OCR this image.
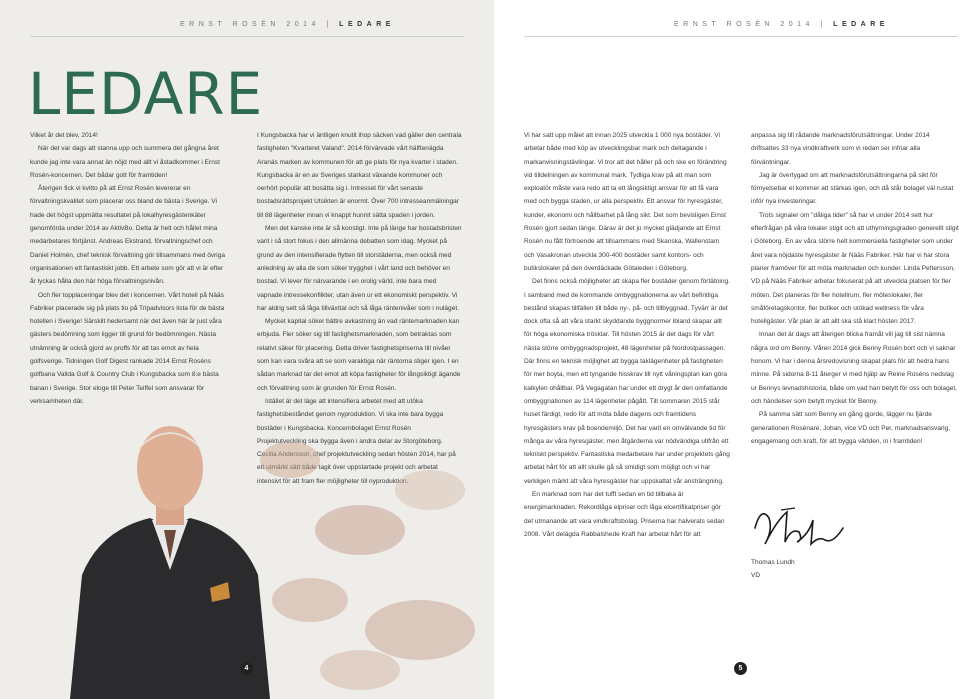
ERNST ROSÉN 2014 | LEDARE
LEDARE

Vilket år det blev, 2014!

När det var dags att stanna upp och summera det gångna året kunde jag inte vara annat än nöjd med allt vi åstadkommer i Ernst Rosén-koncernen. Det bådar gott för framtiden!

Återigen fick vi kvitto på att Ernst Rosén levererar en förvaltningskvalitet som placerar oss bland de bästa i Sverige. Vi hade det högst uppmätta resultatet på lokalhyresgästenkäter genomförda under 2014 av AktivBo. Detta är helt och hållet mina medarbetares förtjänst. Andreas Ekstrand, förvaltningschef och Daniel Holmén, chef teknisk förvaltning gör tillsammans med övriga organisationen ett fantastiskt jobb. Ett arbete som gör att vi är efter år lyckas hålla den här höga förvaltningsnivån.

Och fler topplaceringar blev det i koncernen. Vårt hotell på Nääs Fabriker placerade sig på plats tio på Tripadvisors lista för de bästa hotellen i Sverige! Särskilt hedersamt när det även här är just våra gästers bedömning som ligger till grund för bedömningen. Nästa utnämning är också gjord av proffs för att tas emot av hela golfsverige. Tidningen Golf Digest rankade 2014 Ernst Roséns golfbana Vallda Golf & Country Club i Kungsbacka som 8:e bästa banan i Sverige. Stor eloge till Peter Teiffel som ansvarar för verksamheten där.

I Kungsbacka har vi äntligen knutit ihop säcken vad gäller den centrala fastigheten "Kvarteret Valand". 2014 förvärvade vårt hälftenägda Aranäs marken av kommunen för att ge plats för nya kvarter i staden. Kungsbacka är en av Sveriges starkast växande kommuner och oerhört populär att bosätta sig i. Intresset för vårt senaste bostadsrättsprojekt Utsikten är enormt. Över 700 intresseanmälningar till 88 lägenheter innan vi knappt hunnit sätta spaden i jorden.

Men det kanske inte är så konstigt. Inte på länge har bostadsbristen varit i så stort fokus i den allmänna debatten som idag. Mycket på grund av den intensifierade flytten till storstäderna, men också med anledning av alla de som söker trygghet i vårt land och behöver en bostad. Vi lever för närvarande i en orolig värld, inte bara med vapnade intressekonflikter, utan även ur ett ekonomiskt perspektiv. Vi har aldrig sett så låga tillväxttal och så låga räntenivåer som i nuläget.

Mycket kapital söker bättre avkastning än vad räntemarknaden kan erbjuda. Fler söker sig till fastighetsmarknaden, som betraktas som relativt säker för placering. Detta driver fastighetspriserna till nivåer som kan vara svåra att se som varaktiga när räntorna stiger igen. I en sådan marknad tar det emot att köpa fastigheter för långsiktigt ägande och förvaltning som är grunden för Ernst Rosén.

Istället är det läge att intensifiera arbetet med att utöka fastighetsbeståndet genom nyproduktion. Vi ska inte bara bygga bostäder i Kungsbacka. Koncernbolaget Ernst Rosén Projektutveckling ska bygga även i andra delar av Storgöteborg. Cecilia Andersson, chef projektutveckling sedan hösten 2014, har på ett utmärkt sätt både tagit över uppstartade projekt och arbetat intensivt för att fram fler möjligheter till nyproduktion.

4
ERNST ROSÉN 2014 | LEDARE

Vi har satt upp målet att innan 2025 utveckla 1 000 nya bostäder. Vi arbetar både med köp av utvecklingsbar mark och deltagande i markanvisningstävlingar. Vi tror att det håller på och ske en förändring vid tilldelningen av kommunal mark. Tydliga krav på att man som exploatör måste vara redo att ta ett långsiktigt ansvar för att få vara med och bygga staden, ur alla perspektiv. Ett ansvar för hyresgäster, kunder, ekonomi och hållbarhet på lång sikt. Det som bevisligen Ernst Rosén gjort sedan länge. Därav är det ju mycket glädjande att Ernst Rosén nu fått förtroende att tillsammans med Skanska, Wallenstam och Vasakronan utveckla 300-400 bostäder samt kontors- och butikslokaler på den överdäckade Götaleden i Göteborg.

Det finns också möjligheter att skapa fler bostäder genom förtätning. I samband med de kommande ombyggnationerna av vårt befintliga bestånd skapas tillfällen till både ny-, på- och tillbyggnad. Tyvärr är det dock ofta så att våra starkt skyddande byggnormer ibland skapar allt för höga ekonomiska trösklar. Till hösten 2015 är det dags för vårt nästa större ombyggnadsprojekt, 48 lägenheter på Nordostpassagen. Där finns en teknisk möjlighet att bygga taklägenheter på fastigheten för mer boyta, men ett tyngande hisskrav till nytt våningsplan kan göra kalkylen ohållbar. På Vegagatan har under ett drygt år den omfattande ombyggnationen av 114 lägenheter pågått. Till sommaren 2015 står huset färdigt, redo för att möta både dagens och framtidens hyresgästers krav på boendemiljö. Det har varit en omvälvande tid för många av våra hyresgäster, men åtgärderna var nödvändiga utifrån ett tekniskt perspektiv. Fantastiska medarbetare har under projektets gång arbetat hårt för att allt skulle gå så smidigt som möjligt och vi har verkligen märkt att våra hyresgäster har uppskattat vår ansträngning.

En marknad som har det tufft sedan en tid tillbaka är energimarknaden. Rekordlåga elpriser och låga elcertifikatpriser gör det utmanande att vara vindkraftsbolag. Priserna har halverats sedan 2008. Vårt delägda Rabbalshede Kraft har arbetat hårt för att

anpassa sig till rådande marknadsförutsättningar. Under 2014 driftsattes 33 nya vindkraftverk som vi redan ser infriar alla förväntningar.

Jag är övertygad om att marknadsförutsättningarna på sikt för förnyelsebar el kommer att stärkas igen, och då står bolaget väl rustat inför nya investeringar.

Trots signaler om "dåliga tider" så har vi under 2014 sett hur efterfrågan på våra lokaler stigit och att uthyrningsgraden generellt stigit i Göteborg. En av våra större helt kommersiella fastigheter som under året vara nöjdaste hyresgäster är Nääs Fabriker. Här har vi har stora planer framöver för att möta marknaden och kunder. Linda Pettersson, VD på Nääs Fabriker arbetar fokuserat på att utveckla platsen för fler möten. Det planeras för fler hotellrum, fler möteslokaler, fler småföretagskontor, fler butiker och utökad wellness för våra hotellgäster. Vår plan är att allt ska stå klart hösten 2017.

Innan det är dags att återigen blicka framåt vill jag till sist nämna några ord om Benny. Våren 2014 gick Benny Rosén bort och vi saknar honom. Vi har i denna årsredovisning skapat plats för att hedra hans minne. På sidorna 8-11 återger vi med hjälp av Reine Roséns nedslag ur Bennys levnadshistoria, både om vad han betytt för oss och bolaget, och händelser som betytt mycket för Benny.

På samma sätt som Benny en gång gjorde, lägger nu fjärde generationen Rosénare, Johan, vice VD och Per, marknadsansvarig, engagemang och kraft, för att bygga världen, in i framtiden!

Thomas Lundh
VD
5
